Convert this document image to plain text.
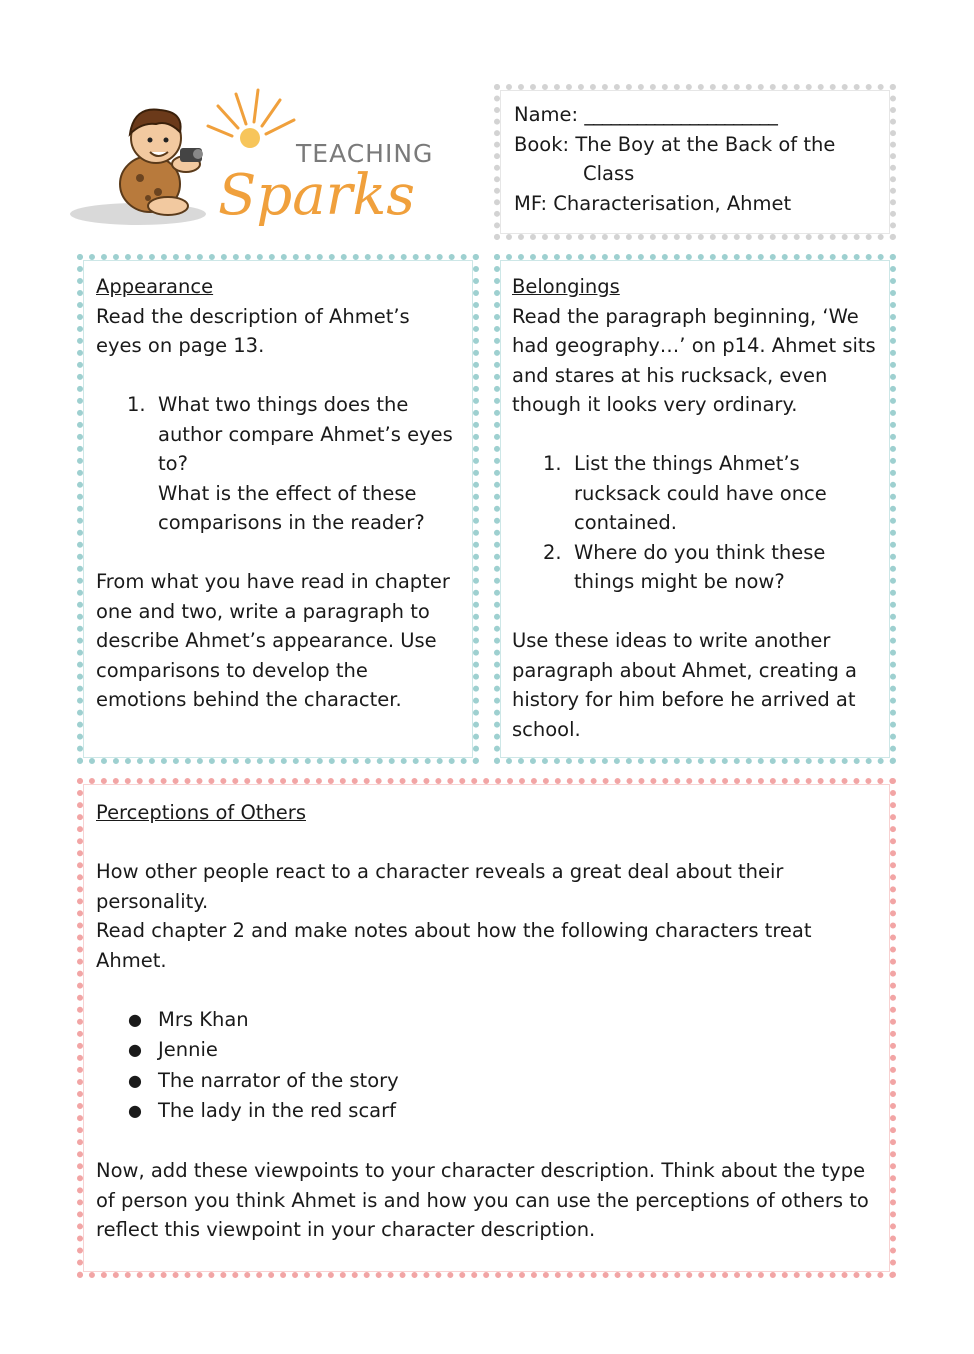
TEACHING
Sparks

Name: ______________________

Book: The Boy at the Back of the

Class

MF: Characterisation, Ahmet

Appearance

Read the description of Ahmet’s eyes on page 13.

1. What two things does the author compare Ahmet’s eyes to?
What is the effect of these comparisons in the reader?

From what you have read in chapter one and two, write a paragraph to describe Ahmet’s appearance. Use comparisons to develop the emotions behind the character.

Belongings

Read the paragraph beginning, ‘We had geography…’ on p14. Ahmet sits and stares at his rucksack, even though it looks very ordinary.

1. List the things Ahmet’s rucksack could have once contained.
2. Where do you think these things might be now?

Use these ideas to write another paragraph about Ahmet, creating a history for him before he arrived at school.

Perceptions of Others

How other people react to a character reveals a great deal about their personality.

Read chapter 2 and make notes about how the following characters treat Ahmet.

● Mrs Khan
● Jennie
● The narrator of the story
● The lady in the red scarf

Now, add these viewpoints to your character description. Think about the type of person you think Ahmet is and how you can use the perceptions of others to reflect this viewpoint in your character description.
